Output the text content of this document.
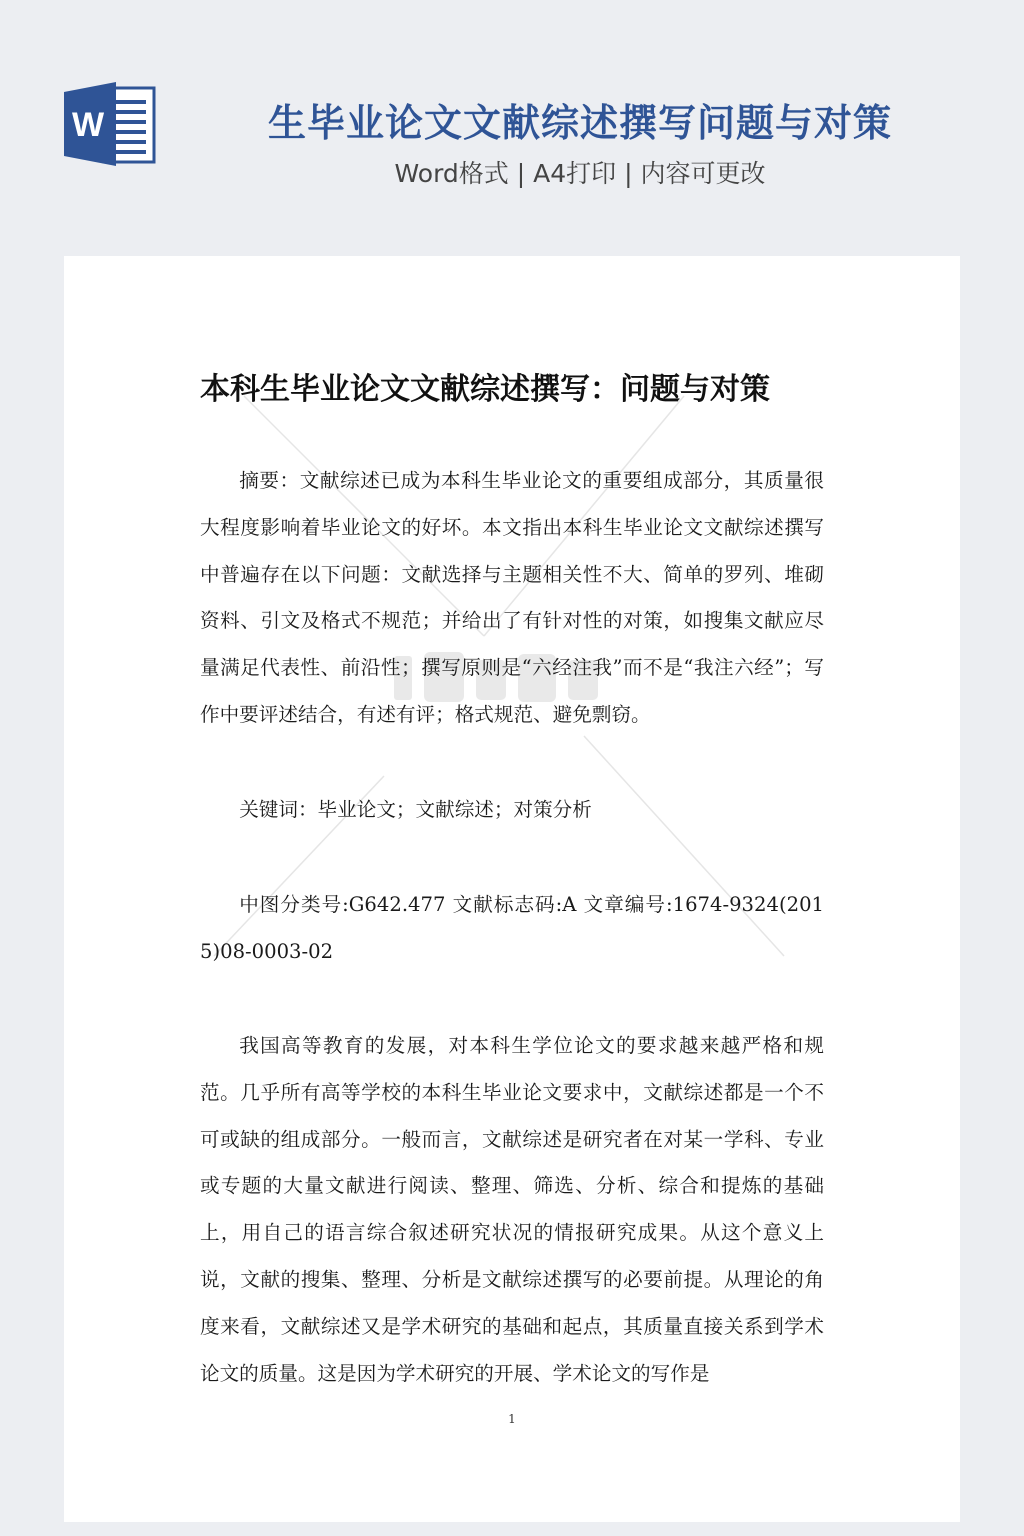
W	生毕业论文文献综述撰写问题与对策
Word格式 | A4打印 | 内容可更改
本科生毕业论文文献综述撰写：问题与对策

摘要：文献综述已成为本科生毕业论文的重要组成部分，其质量很大程度影响着毕业论文的好坏。本文指出本科生毕业论文文献综述撰写中普遍存在以下问题：文献选择与主题相关性不大、简单的罗列、堆砌资料、引文及格式不规范；并给出了有针对性的对策，如搜集文献应尽量满足代表性、前沿性；撰写原则是“六经注我”而不是“我注六经”；写作中要评述结合，有述有评；格式规范、避免剽窃。

关键词：毕业论文；文献综述；对策分析

中图分类号:G642.477 文献标志码:A 文章编号:1674-9324(2015)08-0003-02

我国高等教育的发展，对本科生学位论文的要求越来越严格和规范。几乎所有高等学校的本科生毕业论文要求中，文献综述都是一个不可或缺的组成部分。一般而言，文献综述是研究者在对某一学科、专业或专题的大量文献进行阅读、整理、筛选、分析、综合和提炼的基础上，用自己的语言综合叙述研究状况的情报研究成果。从这个意义上说，文献的搜集、整理、分析是文献综述撰写的必要前提。从理论的角度来看，文献综述又是学术研究的基础和起点，其质量直接关系到学术论文的质量。这是因为学术研究的开展、学术论文的写作是

1
